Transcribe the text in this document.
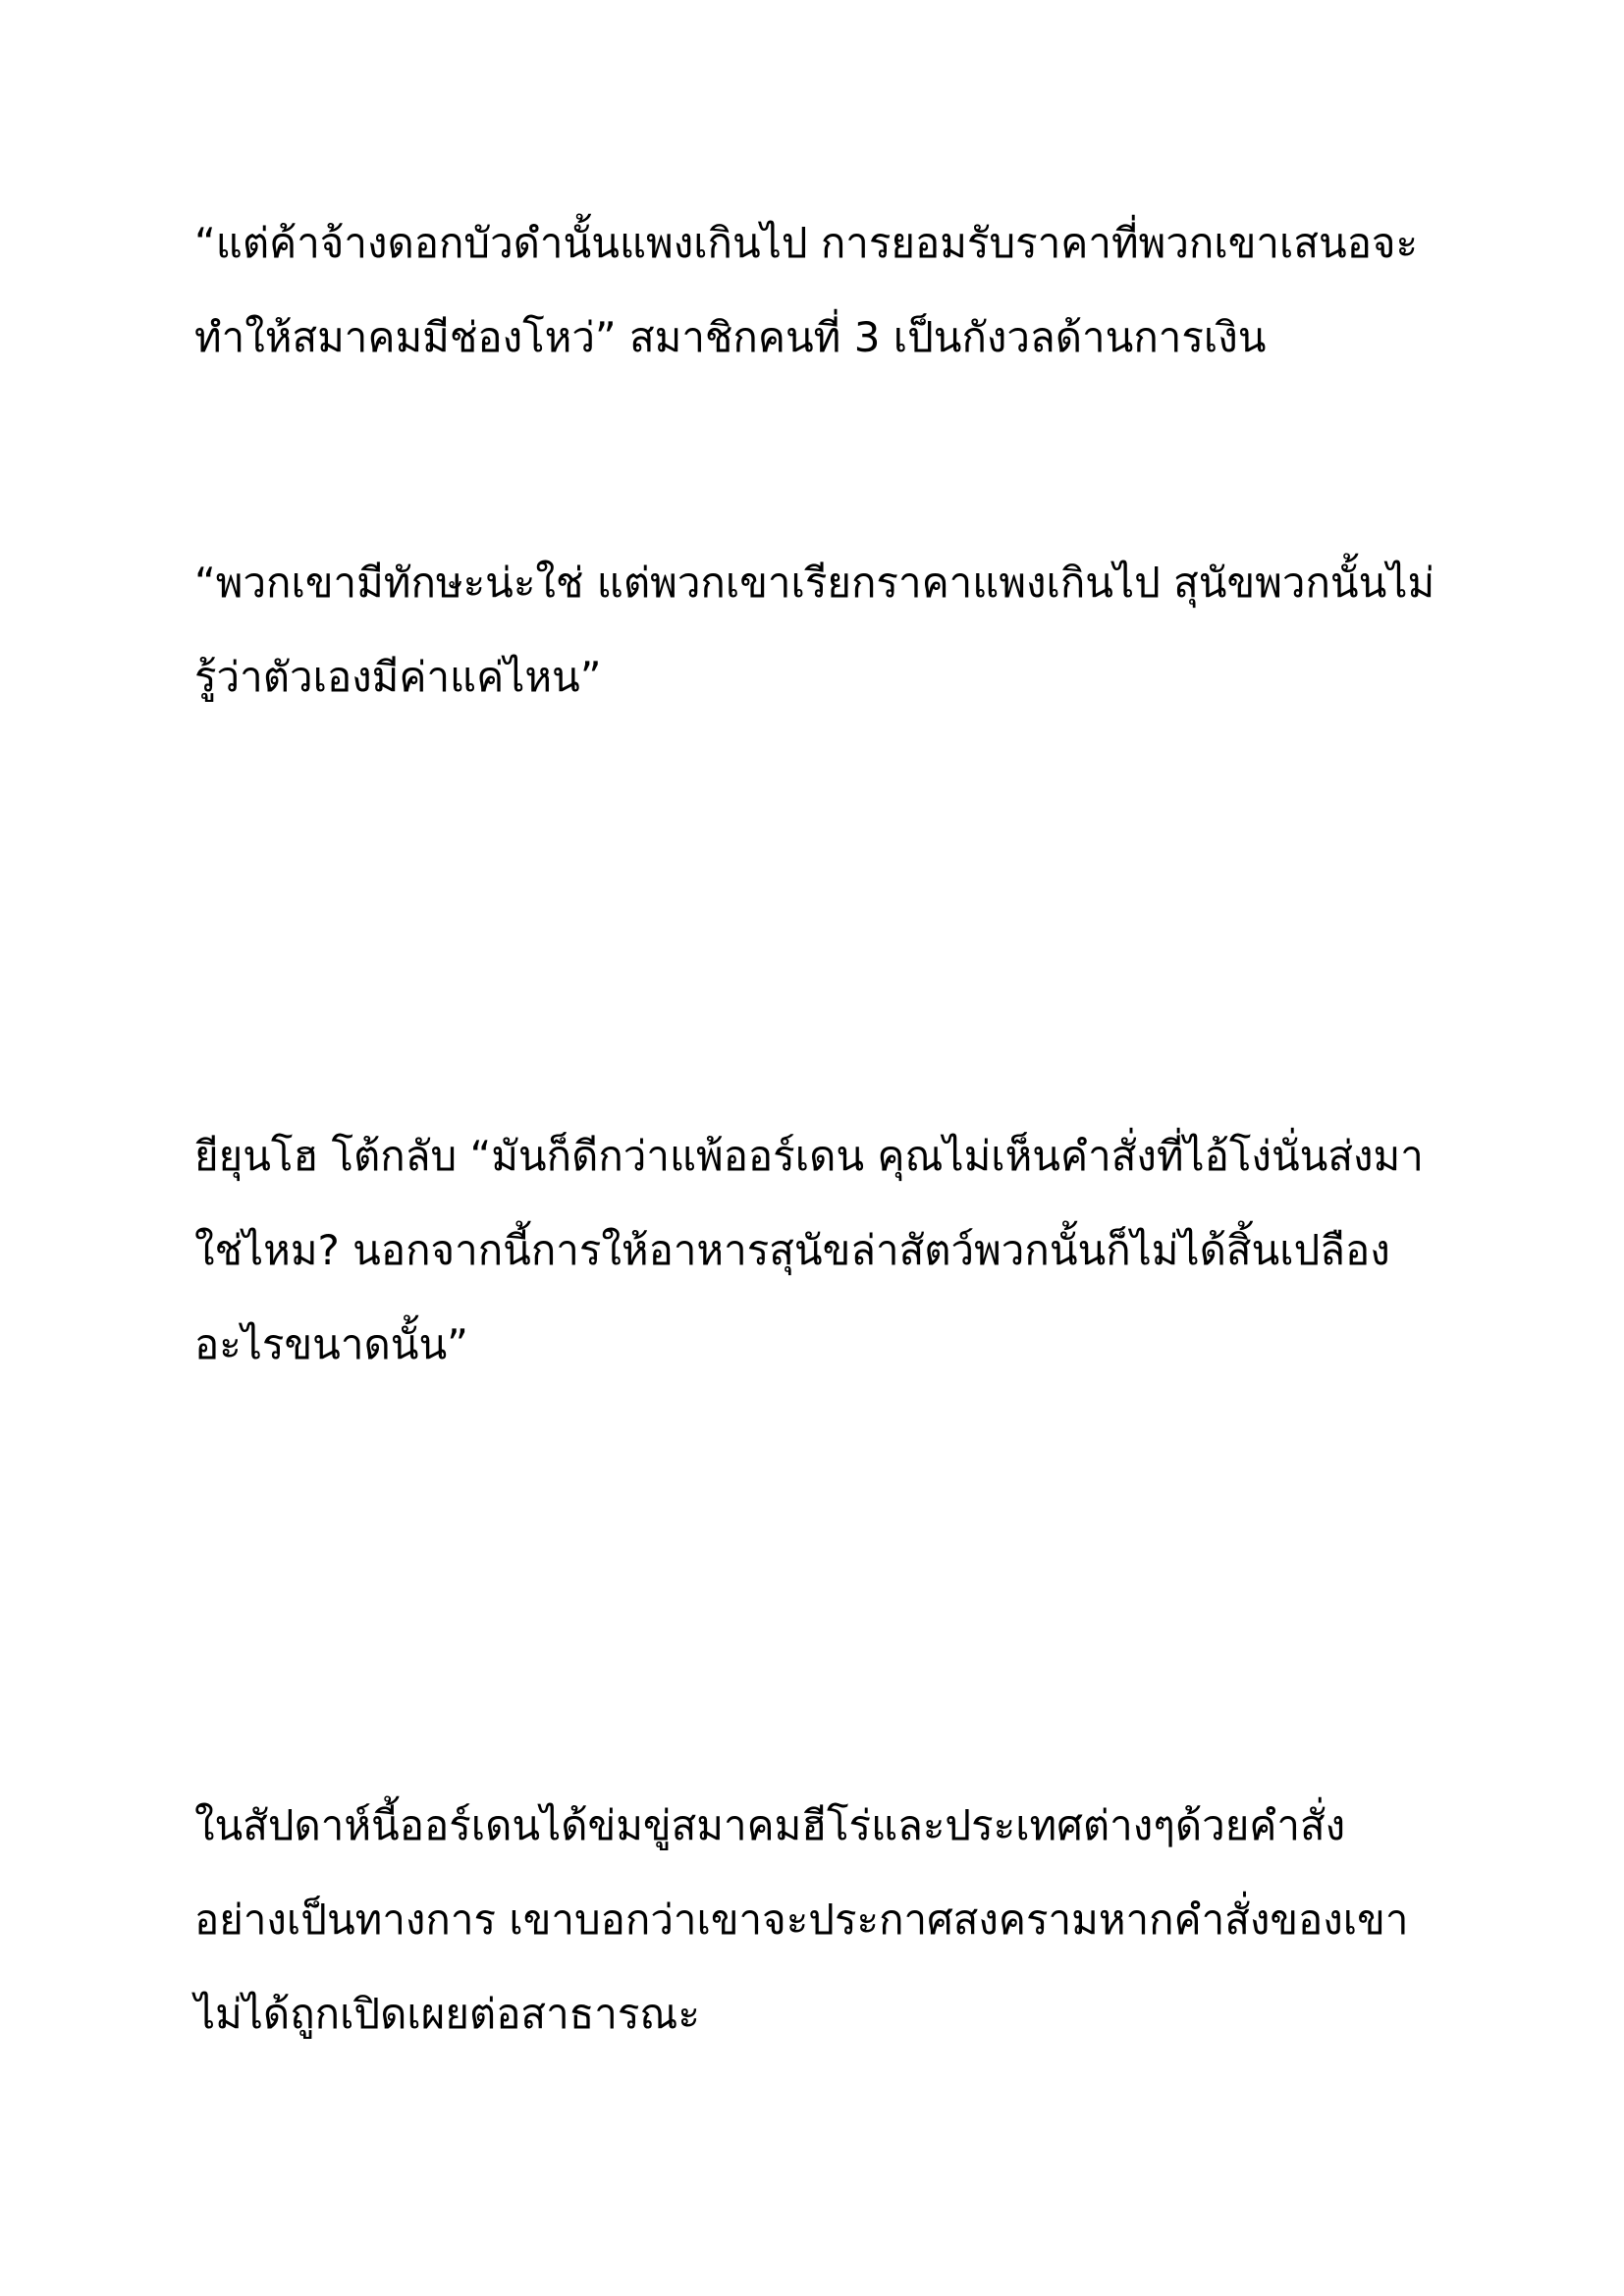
“แต่ค้าจ้างดอกบัวดำนั้นแพงเกินไป การยอมรับราคาที่พวกเขาเสนอจะ
ทำให้สมาคมมีช่องโหว่” สมาชิกคนที่ 3 เป็นกังวลด้านการเงิน

“พวกเขามีทักษะน่ะใช่ แต่พวกเขาเรียกราคาแพงเกินไป สุนัขพวกนั้นไม่
รู้ว่าตัวเองมีค่าแค่ไหน”

ยียุนโฮ โต้กลับ “มันก็ดีกว่าแพ้ออร์เดน คุณไม่เห็นคำสั่งที่ไอ้โง่นั่นส่งมา
ใช่ไหม? นอกจากนี้การให้อาหารสุนัขล่าสัตว์พวกนั้นก็ไม่ได้สิ้นเปลือง
อะไรขนาดนั้น”

ในสัปดาห์นี้ออร์เดนได้ข่มขู่สมาคมฮีโร่และประเทศต่างๆด้วยคำสั่ง
อย่างเป็นทางการ เขาบอกว่าเขาจะประกาศสงครามหากคำสั่งของเขา
ไม่ได้ถูกเปิดเผยต่อสาธารณะ
